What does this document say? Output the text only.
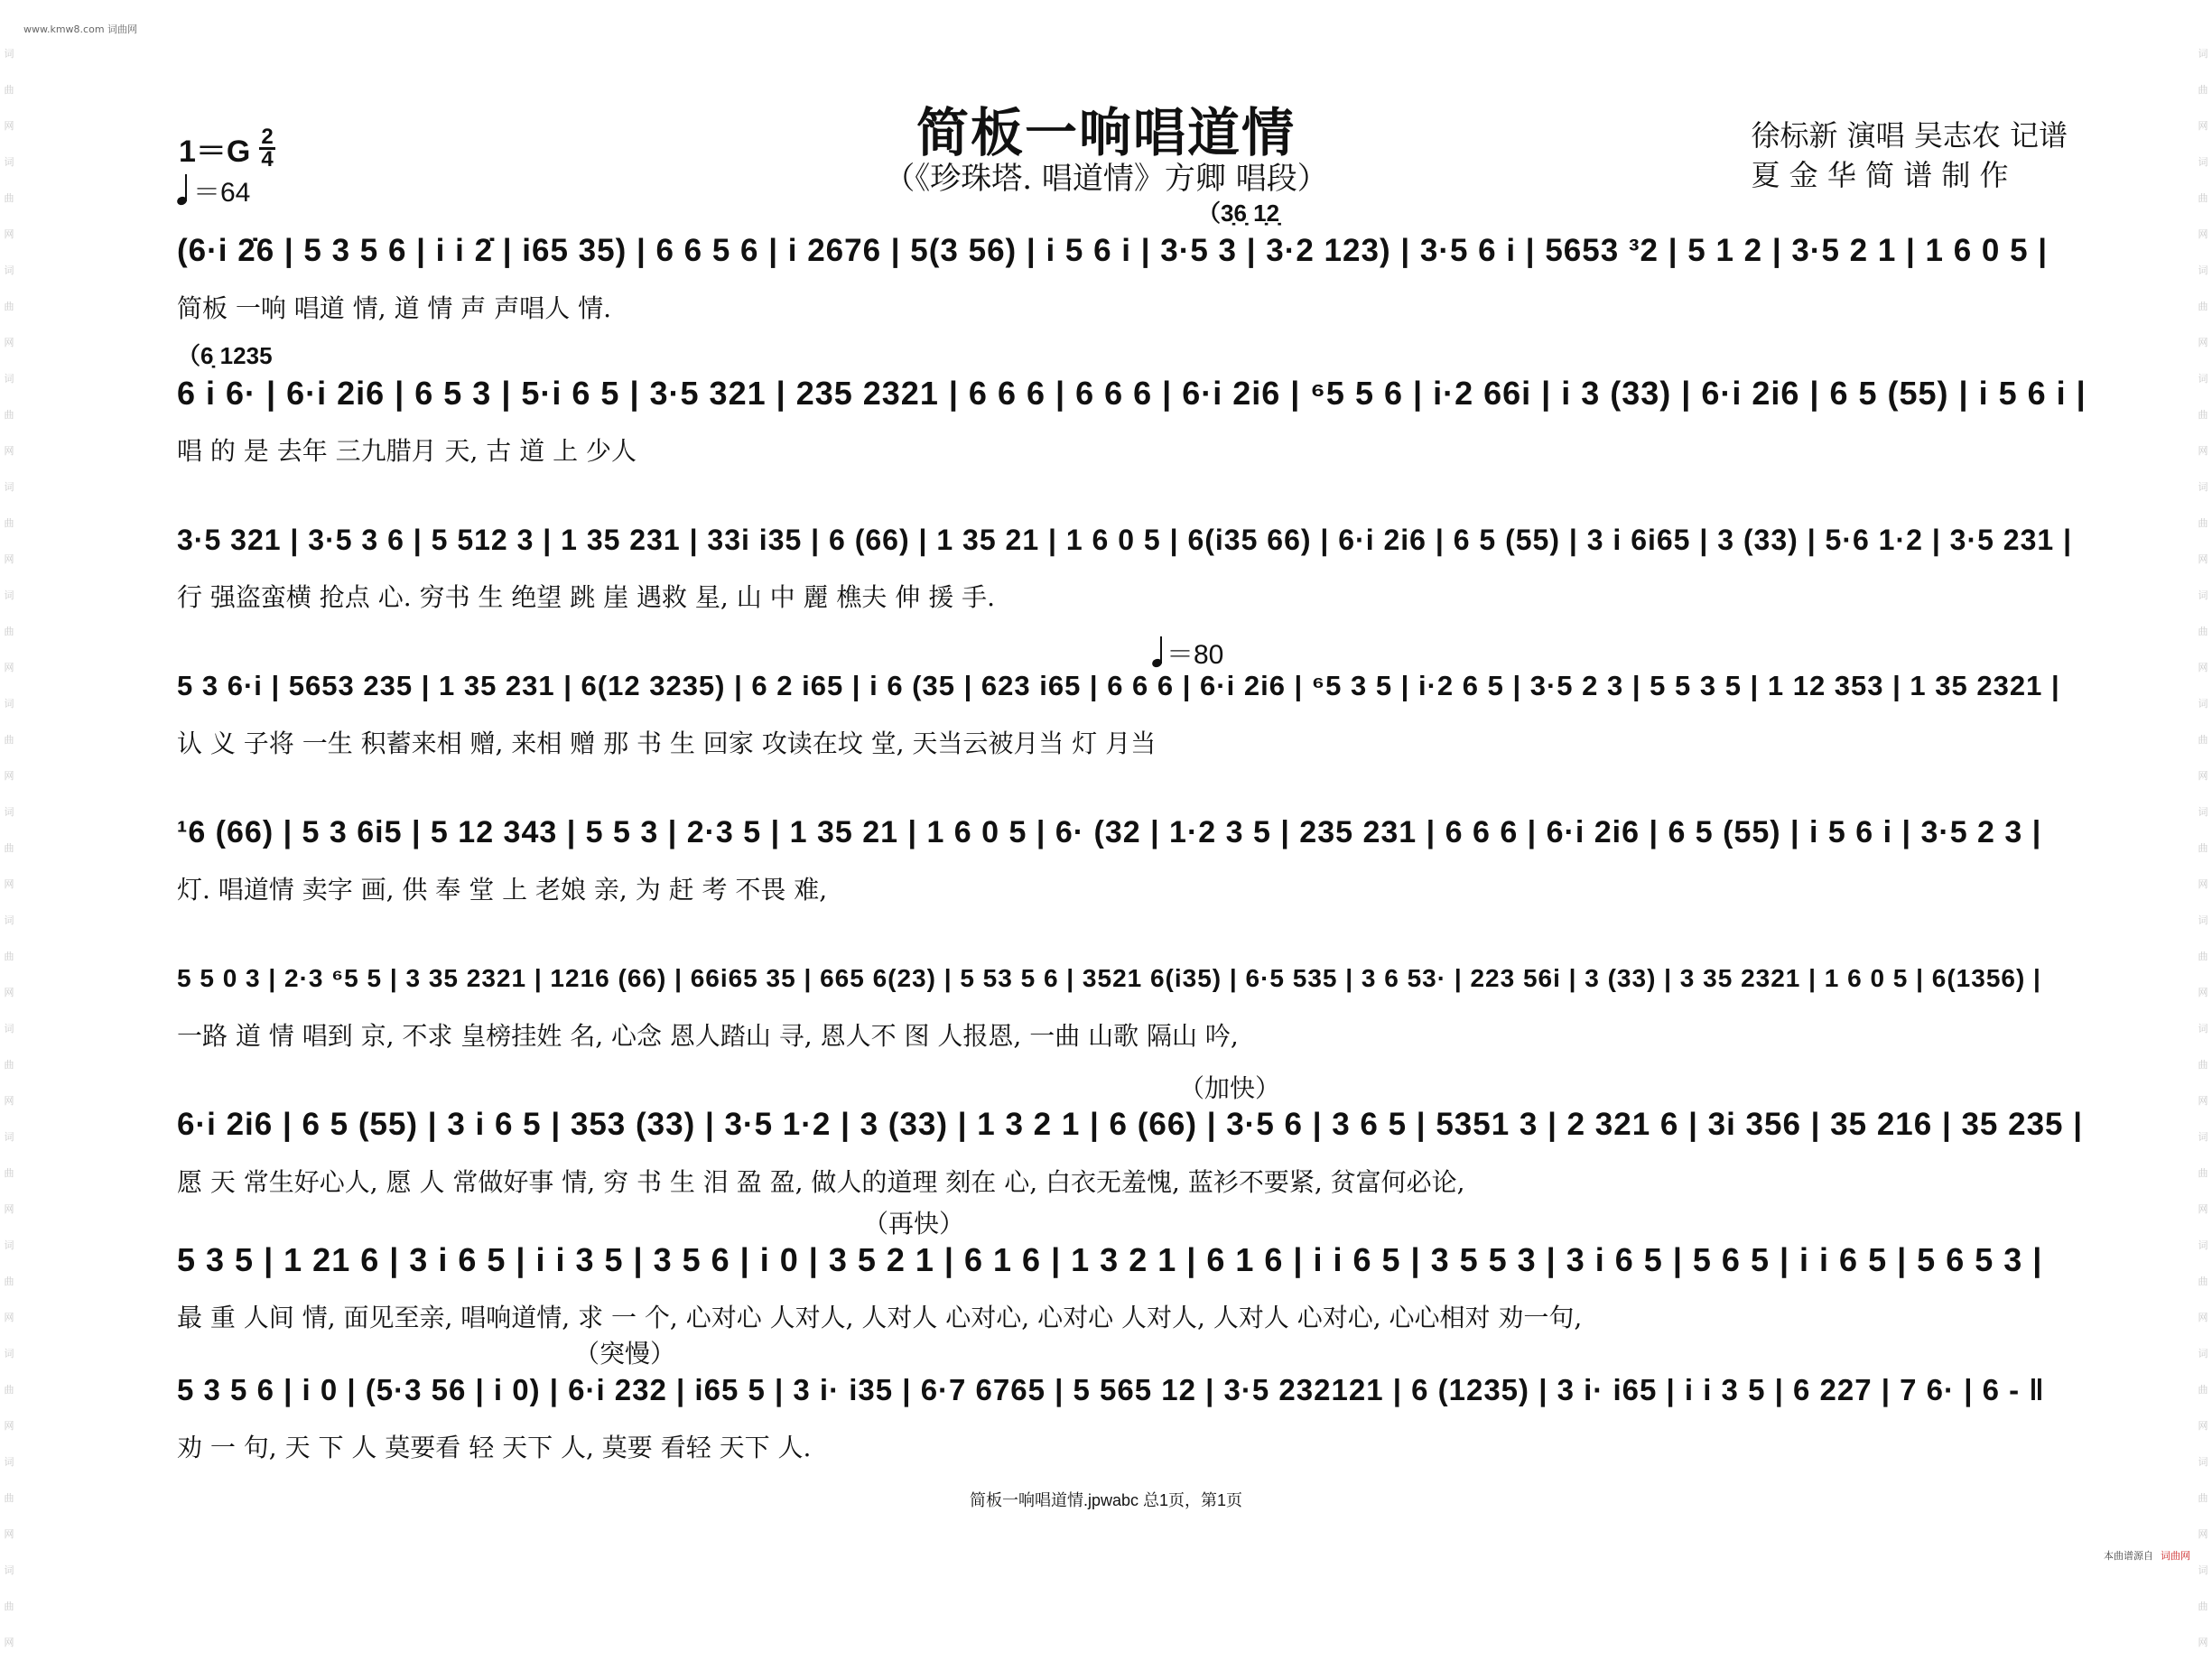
词曲网词曲网词曲网词曲网词曲网词曲网词曲网词曲网词曲网词曲网词曲网词曲网词曲网词曲网词曲网
词曲网词曲网词曲网词曲网词曲网词曲网词曲网词曲网词曲网词曲网词曲网词曲网词曲网词曲网词曲网
www.kmw8.com 词曲网
1＝G 2
4
＝64
简板一响唱道情
（《珍珠塔. 唱道情》方卿 唱段）
徐标新 演唱 吴志农 记谱
夏 金 华 简 谱 制 作
（3̣6̣ 1̣2̣
(6·i 2̇6 | 5 3 5 6 | i i 2̇ | i65 35) | 6 6 5 6 | i 2676 | 5(3 56) | i 5 6 i | 3·5 3 | 3·2 123) | 3·5 6 i | 5653 ³2 | 5 1 2 | 3·5 2 1 | 1 6 0 5 |
简板 一响 唱道 情, 道 情 声 声唱人 情.
（6̣ 1235
6 i 6· | 6·i 2i6 | 6 5 3 | 5·i 6 5 | 3·5 321 | 235 2321 | 6 6 6 | 6 6 6 | 6·i 2i6 | ⁶5 5 6 | i·2 66i | i 3 (33) | 6·i 2i6 | 6 5 (55) | i 5 6 i |
唱 的 是 去年 三九腊月 天, 古 道 上 少人
3·5 321 | 3·5 3 6 | 5 512 3 | 1 35 231 | 33i i35 | 6 (66) | 1 35 21 | 1 6 0 5 | 6(i35 66) | 6·i 2i6 | 6 5 (55) | 3 i 6i65 | 3 (33) | 5·6 1·2 | 3·5 231 |
行 强盗蛮横 抢点 心. 穷书 生 绝望 跳 崖 遇救 星, 山 中 麗 樵夫 伸 援 手.
＝80
5 3 6·i | 5653 235 | 1 35 231 | 6(12 3235) | 6 2 i65 | i 6 (35 | 623 i65 | 6 6 6 | 6·i 2i6 | ⁶5 3 5 | i·2 6 5 | 3·5 2 3 | 5 5 3 5 | 1 12 353 | 1 35 2321 |
认 义 子将 一生 积蓄来相 赠, 来相 赠 那 书 生 回家 攻读在坟 堂, 天当云被月当 灯 月当
¹6 (66) | 5 3 6i5 | 5 12 343 | 5 5 3 | 2·3 5 | 1 35 21 | 1 6 0 5 | 6· (32 | 1·2 3 5 | 235 231 | 6 6 6 | 6·i 2i6 | 6 5 (55) | i 5 6 i | 3·5 2 3 |
灯. 唱道情 卖字 画, 供 奉 堂 上 老娘 亲, 为 赶 考 不畏 难,
5 5 0 3 | 2·3 ⁶5 5 | 3 35 2321 | 1216 (66) | 66i65 35 | 665 6(23) | 5 53 5 6 | 3521 6(i35) | 6·5 535 | 3 6 53· | 223 56i | 3 (33) | 3 35 2321 | 1 6 0 5 | 6(1356) |
一路 道 情 唱到 京, 不求 皇榜挂姓 名, 心念 恩人踏山 寻, 恩人不 图 人报恩, 一曲 山歌 隔山 吟,
（加快）
6·i 2i6 | 6 5 (55) | 3 i 6 5 | 353 (33) | 3·5 1·2 | 3 (33) | 1 3 2 1 | 6 (66) | 3·5 6 | 3 6 5 | 5351 3 | 2 321 6 | 3i 356 | 35 216 | 35 235 |
愿 天 常生好心人, 愿 人 常做好事 情, 穷 书 生 泪 盈 盈, 做人的道理 刻在 心, 白衣无羞愧, 蓝衫不要紧, 贫富何必论,
（再快）
5 3 5 | 1 21 6 | 3 i 6 5 | i i 3 5 | 3 5 6 | i 0 | 3 5 2 1 | 6 1 6 | 1 3 2 1 | 6 1 6 | i i 6 5 | 3 5 5 3 | 3 i 6 5 | 5 6 5 | i i 6 5 | 5 6 5 3 |
最 重 人间 情, 面见至亲, 唱响道情, 求 一 个, 心对心 人对人, 人对人 心对心, 心对心 人对人, 人对人 心对心, 心心相对 劝一句,
（突慢）
5 3 5 6 | i 0 | (5·3 56 | i 0) | 6·i 232 | i65 5 | 3 i· i35 | 6·7 6765 | 5 565 12 | 3·5 232121 | 6 (1235) | 3 i· i65 | i i 3 5 | 6 227 | 7 6· | 6 - ‖
劝 一 句, 天 下 人 莫要看 轻 天下 人, 莫要 看轻 天下 人.
简板一响唱道情.jpwabc 总1页，第1页
本曲谱源自 词曲网
